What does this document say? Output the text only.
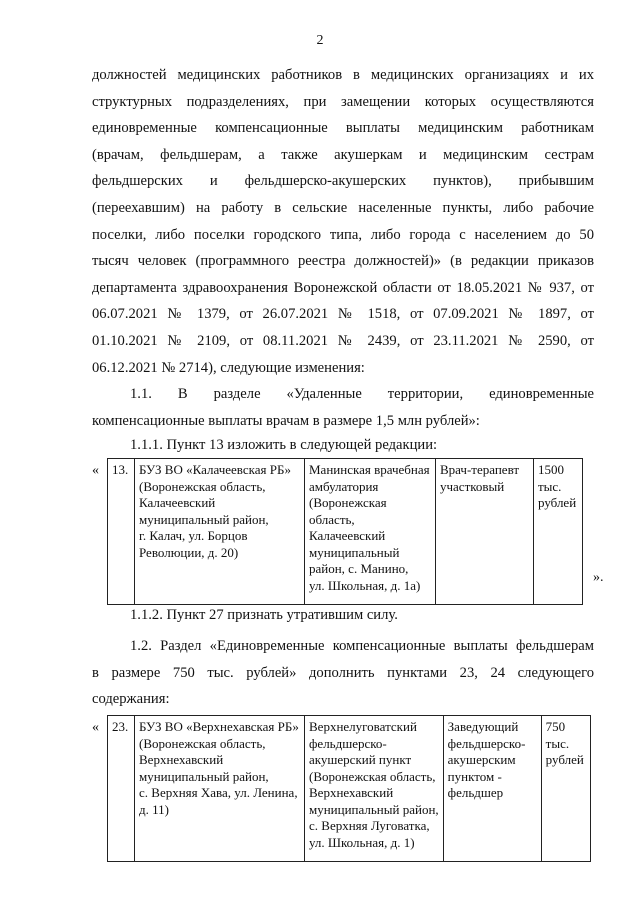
2
должностей медицинских работников в медицинских организациях и их
структурных подразделениях, при замещении которых осуществляются
единовременные компенсационные выплаты медицинским работникам
(врачам, фельдшерам, а также акушеркам и медицинским сестрам
фельдшерских и фельдшерско-акушерских пунктов), прибывшим
(переехавшим) на работу в сельские населенные пункты, либо рабочие
поселки, либо поселки городского типа, либо города с населением до 50
тысяч человек (программного реестра должностей)» (в редакции приказов
департамента здравоохранения Воронежской области от 18.05.2021 № 937, от
06.07.2021 № 1379, от 26.07.2021 № 1518, от 07.09.2021 № 1897, от
01.10.2021 № 2109, от 08.11.2021 № 2439, от 23.11.2021 № 2590, от
06.12.2021 № 2714), следующие изменения:
1.1. В разделе «Удаленные территории, единовременные
компенсационные выплаты врачам в размере 1,5 млн рублей»:
1.1.1. Пункт 13 изложить в следующей редакции:
« 13.	БУЗ ВО «Калачеевская РБ»
(Воронежская область,
Калачеевский
муниципальный район,
г. Калач, ул. Борцов
Революции, д. 20)

Манинская врачебная
амбулатория
(Воронежская
область,
Калачеевский
муниципальный
район, с. Манино,
ул. Школьная, д. 1а)

Врач-терапевт
участковый

1500
тыс.
рублей
».
1.1.2. Пункт 27 признать утратившим силу.
1.2. Раздел «Единовременные компенсационные выплаты фельдшерам
в размере 750 тыс. рублей» дополнить пунктами 23, 24 следующего
содержания:
« 23.	БУЗ ВО «Верхнехавская РБ»
(Воронежская область,
Верхнехавский
муниципальный район,
с. Верхняя Хава, ул. Ленина,
д. 11)

Верхнелуговатский
фельдшерско-
акушерский пункт
(Воронежская область,
Верхнехавский
муниципальный район,
с. Верхняя Луговатка,
ул. Школьная, д. 1)

Заведующий
фельдшерско-
акушерским
пунктом -
фельдшер

750
тыс.
рублей
